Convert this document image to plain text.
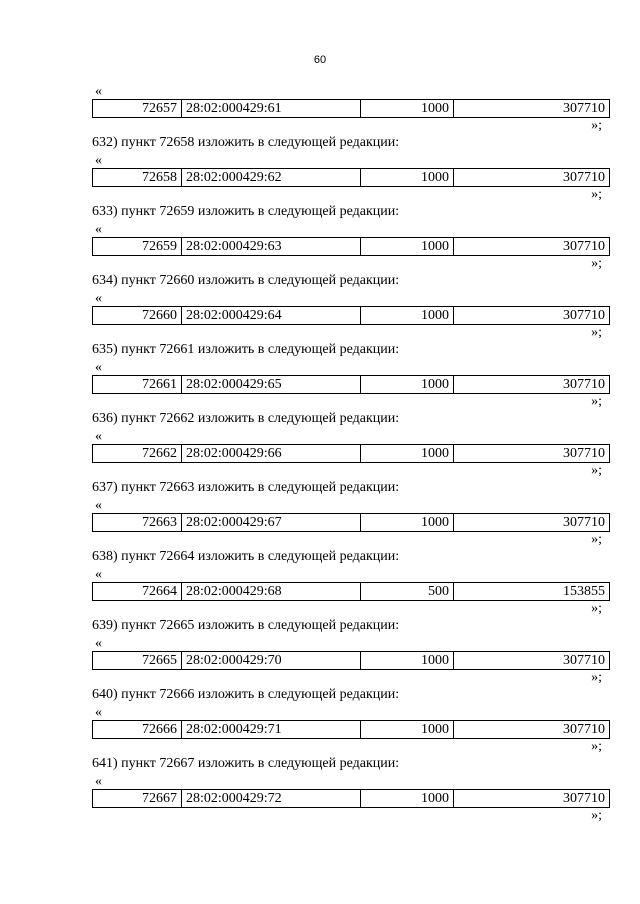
60
«
72657	28:02:000429:61	1000	307710
»;
632) пункт 72658 изложить в следующей редакции:
«
72658	28:02:000429:62	1000	307710
»;
633) пункт 72659 изложить в следующей редакции:
«
72659	28:02:000429:63	1000	307710
»;
634) пункт 72660 изложить в следующей редакции:
«
72660	28:02:000429:64	1000	307710
»;
635) пункт 72661 изложить в следующей редакции:
«
72661	28:02:000429:65	1000	307710
»;
636) пункт 72662 изложить в следующей редакции:
«
72662	28:02:000429:66	1000	307710
»;
637) пункт 72663 изложить в следующей редакции:
«
72663	28:02:000429:67	1000	307710
»;
638) пункт 72664 изложить в следующей редакции:
«
72664	28:02:000429:68	500	153855
»;
639) пункт 72665 изложить в следующей редакции:
«
72665	28:02:000429:70	1000	307710
»;
640) пункт 72666 изложить в следующей редакции:
«
72666	28:02:000429:71	1000	307710
»;
641) пункт 72667 изложить в следующей редакции:
«
72667	28:02:000429:72	1000	307710
»;
